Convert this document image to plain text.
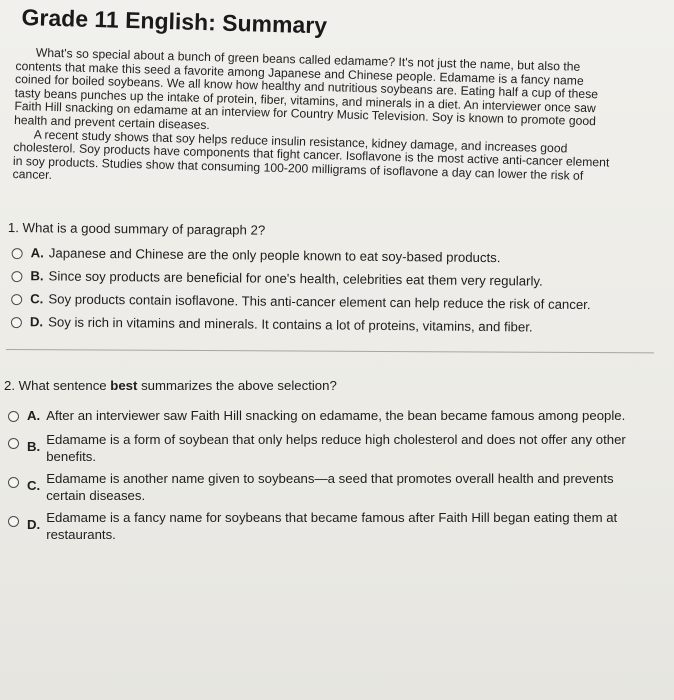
Grade 11 English: Summary

What's so special about a bunch of green beans called edamame? It's not just the name, but also the contents that make this seed a favorite among Japanese and Chinese people. Edamame is a fancy name coined for boiled soybeans. We all know how healthy and nutritious soybeans are. Eating half a cup of these tasty beans punches up the intake of protein, fiber, vitamins, and minerals in a diet. An interviewer once saw Faith Hill snacking on edamame at an interview for Country Music Television. Soy is known to promote good health and prevent certain diseases.

A recent study shows that soy helps reduce insulin resistance, kidney damage, and increases good cholesterol. Soy products have components that fight cancer. Isoflavone is the most active anti-cancer element in soy products. Studies show that consuming 100-200 milligrams of isoflavone a day can lower the risk of cancer.

1. What is a good summary of paragraph 2?
A. Japanese and Chinese are the only people known to eat soy-based products.
B. Since soy products are beneficial for one's health, celebrities eat them very regularly.
C. Soy products contain isoflavone. This anti-cancer element can help reduce the risk of cancer.
D. Soy is rich in vitamins and minerals. It contains a lot of proteins, vitamins, and fiber.
2. What sentence best summarizes the above selection?
A. After an interviewer saw Faith Hill snacking on edamame, the bean became famous among people.
B. Edamame is a form of soybean that only helps reduce high cholesterol and does not offer any other benefits.
C. Edamame is another name given to soybeans—a seed that promotes overall health and prevents certain diseases.
D. Edamame is a fancy name for soybeans that became famous after Faith Hill began eating them at restaurants.
